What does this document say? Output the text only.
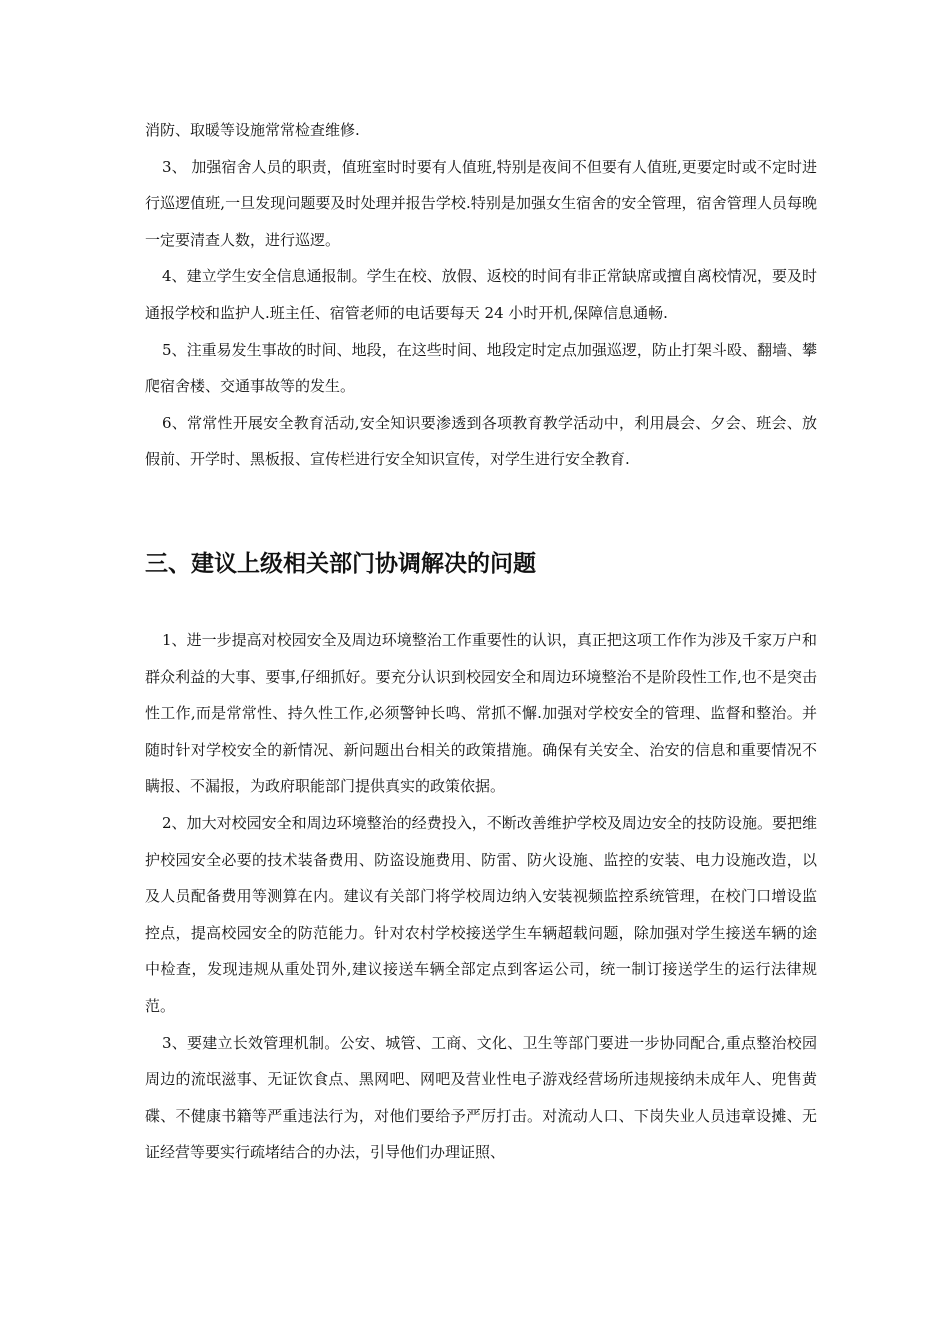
消防、取暖等设施常常检查维修.

3、 加强宿舍人员的职责，值班室时时要有人值班,特别是夜间不但要有人值班,更要定时或不定时进行巡逻值班,一旦发现问题要及时处理并报告学校.特别是加强女生宿舍的安全管理，宿舍管理人员每晚一定要清查人数，进行巡逻。

4、建立学生安全信息通报制。学生在校、放假、返校的时间有非正常缺席或擅自离校情况，要及时通报学校和监护人.班主任、宿管老师的电话要每天 24 小时开机,保障信息通畅.

5、注重易发生事故的时间、地段，在这些时间、地段定时定点加强巡逻，防止打架斗殴、翻墙、攀爬宿舍楼、交通事故等的发生。

6、常常性开展安全教育活动,安全知识要渗透到各项教育教学活动中，利用晨会、夕会、班会、放假前、开学时、黑板报、宣传栏进行安全知识宣传，对学生进行安全教育.

三、建议上级相关部门协调解决的问题

1、进一步提高对校园安全及周边环境整治工作重要性的认识，真正把这项工作作为涉及千家万户和群众利益的大事、要事,仔细抓好。要充分认识到校园安全和周边环境整治不是阶段性工作,也不是突击性工作,而是常常性、持久性工作,必须警钟长鸣、常抓不懈.加强对学校安全的管理、监督和整治。并随时针对学校安全的新情况、新问题出台相关的政策措施。确保有关安全、治安的信息和重要情况不瞒报、不漏报，为政府职能部门提供真实的政策依据。

2、加大对校园安全和周边环境整治的经费投入，不断改善维护学校及周边安全的技防设施。要把维护校园安全必要的技术装备费用、防盗设施费用、防雷、防火设施、监控的安装、电力设施改造，以及人员配备费用等测算在内。建议有关部门将学校周边纳入安装视频监控系统管理，在校门口增设监控点，提高校园安全的防范能力。针对农村学校接送学生车辆超载问题，除加强对学生接送车辆的途中检查，发现违规从重处罚外,建议接送车辆全部定点到客运公司，统一制订接送学生的运行法律规范。

3、要建立长效管理机制。公安、城管、工商、文化、卫生等部门要进一步协同配合,重点整治校园周边的流氓滋事、无证饮食点、黑网吧、网吧及营业性电子游戏经营场所违规接纳未成年人、兜售黄碟、不健康书籍等严重违法行为，对他们要给予严厉打击。对流动人口、下岗失业人员违章设摊、无证经营等要实行疏堵结合的办法，引导他们办理证照、
